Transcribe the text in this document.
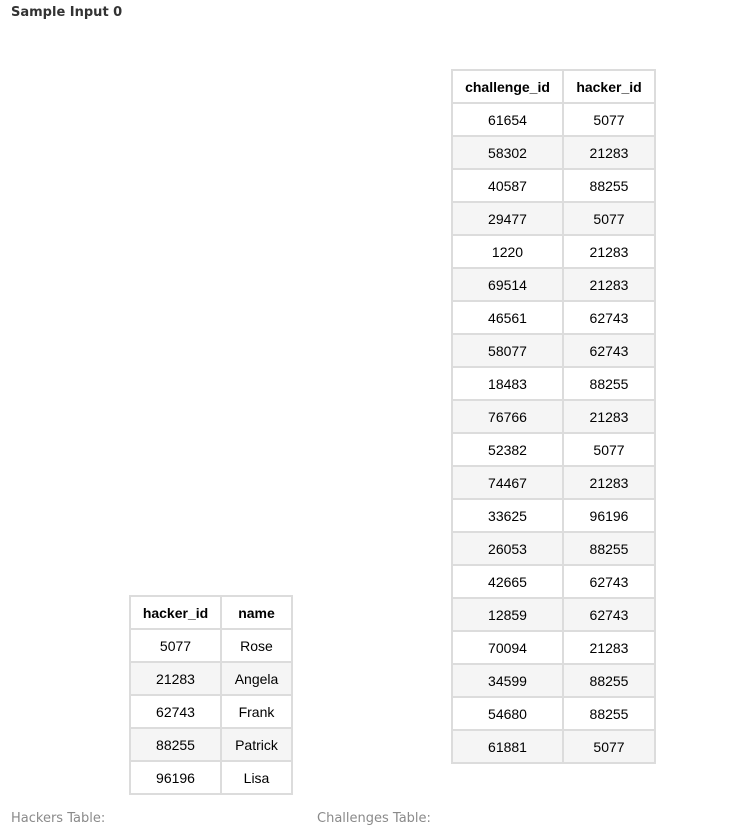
Sample Input 0
hacker_id	name
5077	Rose
21283	Angela
62743	Frank
88255	Patrick
96196	Lisa
challenge_id	hacker_id
61654	5077
58302	21283
40587	88255
29477	5077
1220	21283
69514	21283
46561	62743
58077	62743
18483	88255
76766	21283
52382	5077
74467	21283
33625	96196
26053	88255
42665	62743
12859	62743
70094	21283
34599	88255
54680	88255
61881	5077
Hackers Table:	Challenges Table:
